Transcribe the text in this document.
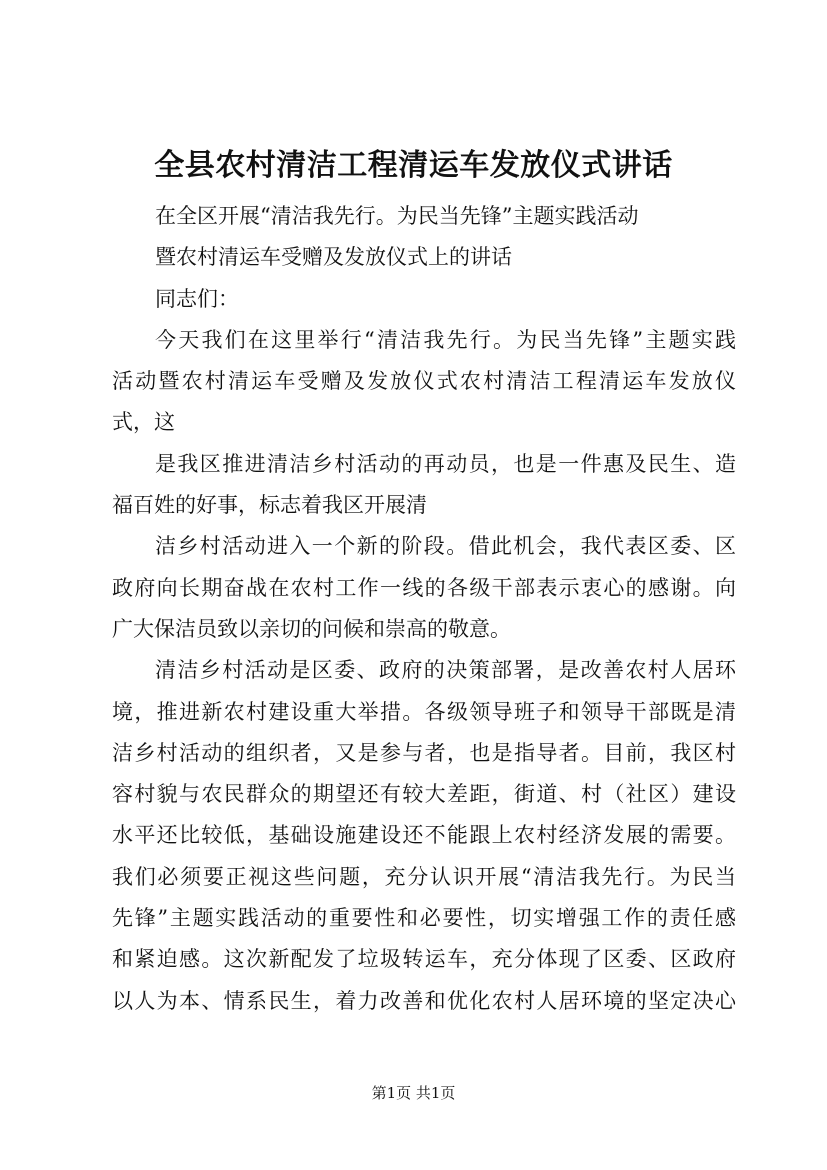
全县农村清洁工程清运车发放仪式讲话
在全区开展“清洁我先行。为民当先锋”主题实践活动
暨农村清运车受赠及发放仪式上的讲话
同志们：
今天我们在这里举行“清洁我先行。为民当先锋”主题实践
活动暨农村清运车受赠及发放仪式农村清洁工程清运车发放仪
式，这
是我区推进清洁乡村活动的再动员，也是一件惠及民生、造
福百姓的好事，标志着我区开展清
洁乡村活动进入一个新的阶段。借此机会，我代表区委、区
政府向长期奋战在农村工作一线的各级干部表示衷心的感谢。向
广大保洁员致以亲切的问候和崇高的敬意。
清洁乡村活动是区委、政府的决策部署，是改善农村人居环
境，推进新农村建设重大举措。各级领导班子和领导干部既是清
洁乡村活动的组织者，又是参与者，也是指导者。目前，我区村
容村貌与农民群众的期望还有较大差距，街道、村（社区）建设
水平还比较低，基础设施建设还不能跟上农村经济发展的需要。
我们必须要正视这些问题，充分认识开展“清洁我先行。为民当
先锋”主题实践活动的重要性和必要性，切实增强工作的责任感
和紧迫感。这次新配发了垃圾转运车，充分体现了区委、区政府
以人为本、情系民生，着力改善和优化农村人居环境的坚定决心
第1页 共1页
